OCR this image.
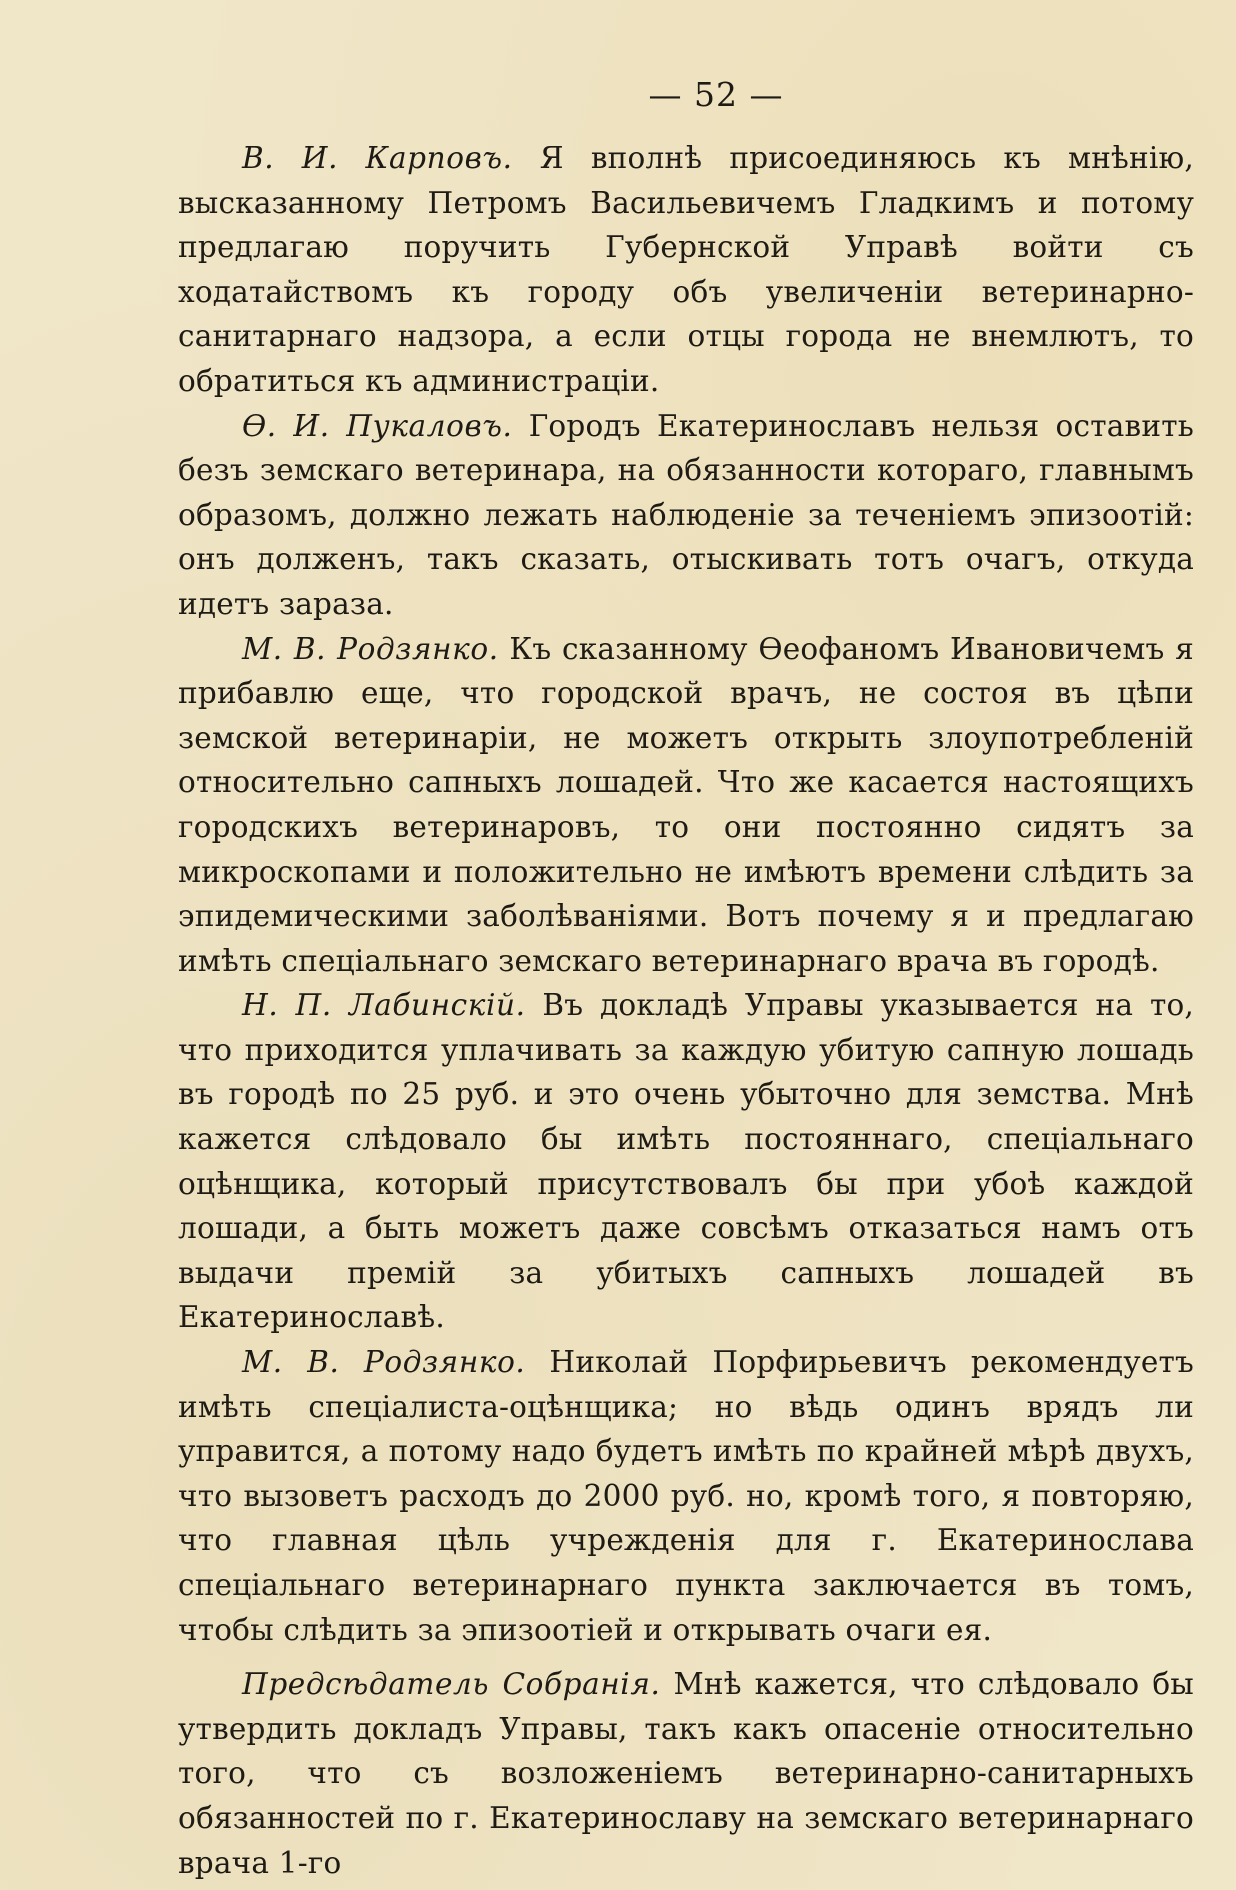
— 52 —

В. И. Карповъ. Я вполнѣ присоединяюсь къ мнѣнію, высказанному Петромъ Васильевичемъ Гладкимъ и потому предлагаю поручить Губернской Управѣ войти съ ходатайствомъ къ городу объ увеличеніи ветеринарно-санитарнаго надзора, а если отцы города не внемлютъ, то обратиться къ администраціи.

Ѳ. И. Пукаловъ. Городъ Екатеринославъ нельзя оставить безъ земскаго ветеринара, на обязанности котораго, главнымъ образомъ, должно лежать наблюденіе за теченіемъ эпизоотій: онъ долженъ, такъ сказать, отыскивать тотъ очагъ, откуда идетъ зараза.

М. В. Родзянко. Къ сказанному Ѳеофаномъ Ивановичемъ я прибавлю еще, что городской врачъ, не состоя въ цѣпи земской ветеринаріи, не можетъ открыть злоупотребленій относительно сапныхъ лошадей. Что же касается настоящихъ городскихъ ветеринаровъ, то они постоянно сидятъ за микроскопами и положительно не имѣютъ времени слѣдить за эпидемическими заболѣваніями. Вотъ почему я и предлагаю имѣть спеціальнаго земскаго ветеринарнаго врача въ городѣ.

Н. П. Лабинскій. Въ докладѣ Управы указывается на то, что приходится уплачивать за каждую убитую сапную лошадь въ городѣ по 25 руб. и это очень убыточно для земства. Мнѣ кажется слѣдовало бы имѣть постояннаго, спеціальнаго оцѣнщика, который присутствовалъ бы при убоѣ каждой лошади, а быть можетъ даже совсѣмъ отказаться намъ отъ выдачи премій за убитыхъ сапныхъ лошадей въ Екатеринославѣ.

М. В. Родзянко. Николай Порфирьевичъ рекомендуетъ имѣть спеціалиста-оцѣнщика; но вѣдь одинъ врядъ ли управится, а потому надо будетъ имѣть по крайней мѣрѣ двухъ, что вызоветъ расходъ до 2000 руб. но, кромѣ того, я повторяю, что главная цѣль учрежденія для г. Екатеринослава спеціальнаго ветеринарнаго пункта заключается въ томъ, чтобы слѣдить за эпизоотіей и открывать очаги ея.

Предсѣдатель Собранія. Мнѣ кажется, что слѣдовало бы утвердить докладъ Управы, такъ какъ опасеніе относительно того, что съ возложеніемъ ветеринарно-санитарныхъ обязанностей по г. Екатеринославу на земскаго ветеринарнаго врача 1-го
